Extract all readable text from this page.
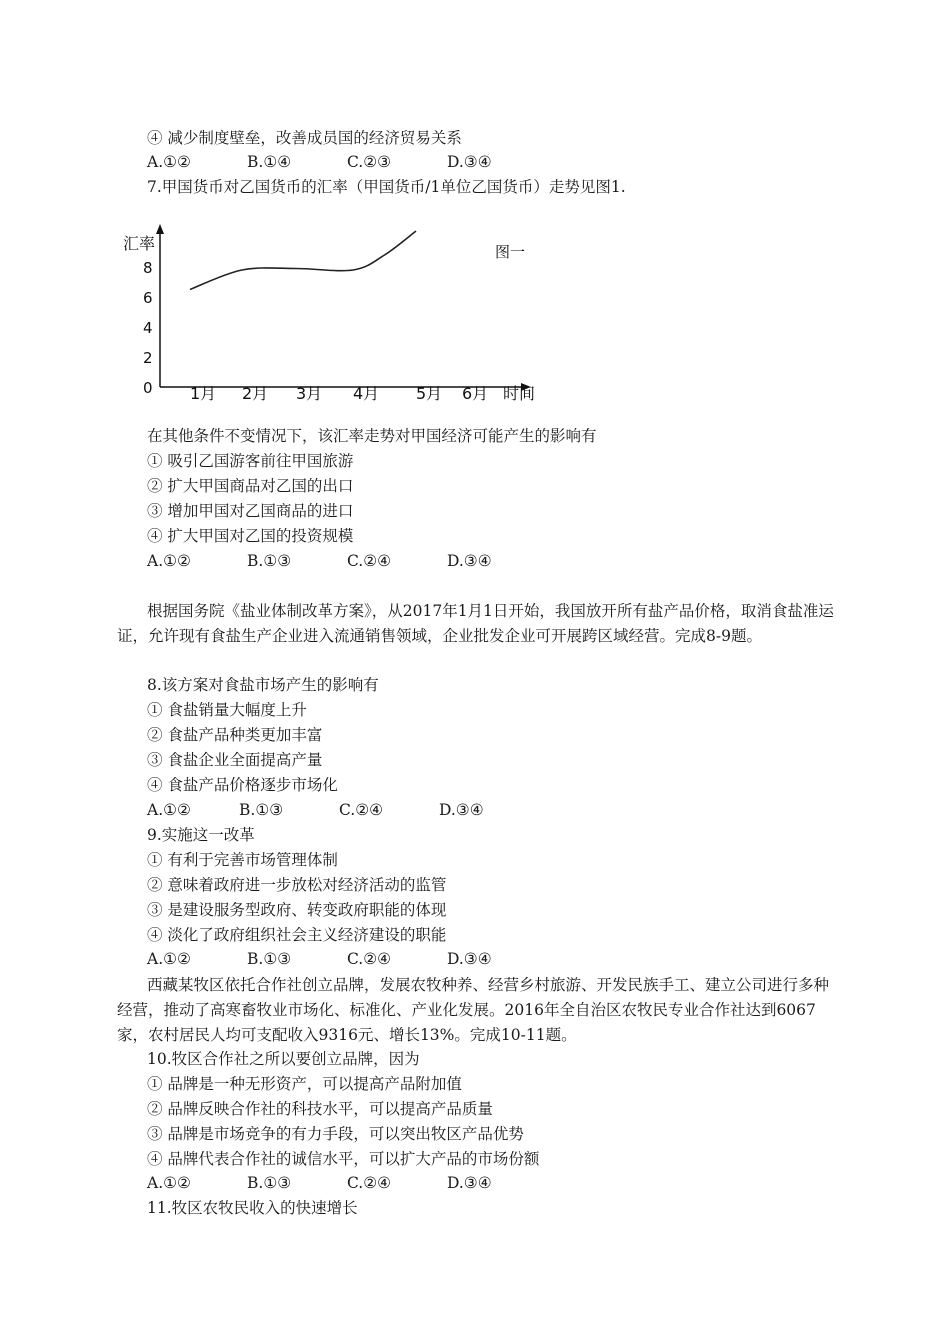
④ 减少制度壁垒，改善成员国的经济贸易关系
A.①②	B.①④	C.②③	D.③④
7.甲国货币对乙国货币的汇率（甲国货币/1单位乙国货币）走势见图1.
汇率
时间
图一
0
2
4
6
8
1月 2月 3月 4月 5月 6月
在其他条件不变情况下，该汇率走势对甲国经济可能产生的影响有
① 吸引乙国游客前往甲国旅游
② 扩大甲国商品对乙国的出口
③ 增加甲国对乙国商品的进口
④ 扩大甲国对乙国的投资规模
A.①②	B.①③	C.②④	D.③④
根据国务院《盐业体制改革方案》，从2017年1月1日开始，我国放开所有盐产品价格，取消食盐准运证，允许现有食盐生产企业进入流通销售领域，企业批发企业可开展跨区域经营。完成8-9题。
8.该方案对食盐市场产生的影响有
① 食盐销量大幅度上升
② 食盐产品种类更加丰富
③ 食盐企业全面提高产量
④ 食盐产品价格逐步市场化
A.①②	B.①③	C.②④	D.③④
9.实施这一改革
① 有利于完善市场管理体制
② 意味着政府进一步放松对经济活动的监管
③ 是建设服务型政府、转变政府职能的体现
④ 淡化了政府组织社会主义经济建设的职能
A.①②	B.①③	C.②④	D.③④
西藏某牧区依托合作社创立品牌，发展农牧种养、经营乡村旅游、开发民族手工、建立公司进行多种经营，推动了高寒畜牧业市场化、标准化、产业化发展。2016年全自治区农牧民专业合作社达到6067家，农村居民人均可支配收入9316元、增长13%。完成10-11题。
10.牧区合作社之所以要创立品牌，因为
① 品牌是一种无形资产，可以提高产品附加值
② 品牌反映合作社的科技水平，可以提高产品质量
③ 品牌是市场竞争的有力手段，可以突出牧区产品优势
④ 品牌代表合作社的诚信水平，可以扩大产品的市场份额
A.①②	B.①③	C.②④	D.③④
11.牧区农牧民收入的快速增长
